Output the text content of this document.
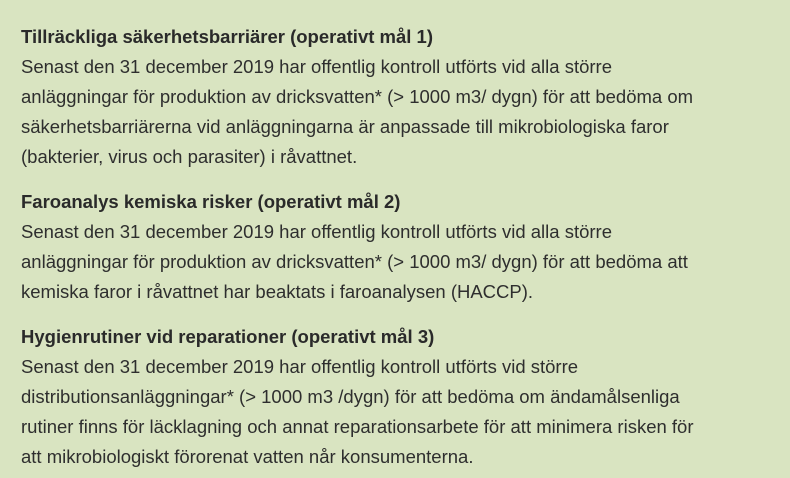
Tillräckliga säkerhetsbarriärer (operativt mål 1)

Senast den 31 december 2019 har offentlig kontroll utförts vid alla större
anläggningar för produktion av dricksvatten* (> 1000 m3/ dygn) för att bedöma om
säkerhetsbarriärerna vid anläggningarna är anpassade till mikrobiologiska faror
(bakterier, virus och parasiter) i råvattnet.

Faroanalys kemiska risker (operativt mål 2)

Senast den 31 december 2019 har offentlig kontroll utförts vid alla större
anläggningar för produktion av dricksvatten* (> 1000 m3/ dygn) för att bedöma att
kemiska faror i råvattnet har beaktats i faroanalysen (HACCP).

Hygienrutiner vid reparationer (operativt mål 3)

Senast den 31 december 2019 har offentlig kontroll utförts vid större
distributionsanläggningar* (> 1000 m3 /dygn) för att bedöma om ändamålsenliga
rutiner finns för läcklagning och annat reparationsarbete för att minimera risken för
att mikrobiologiskt förorenat vatten når konsumenterna.
